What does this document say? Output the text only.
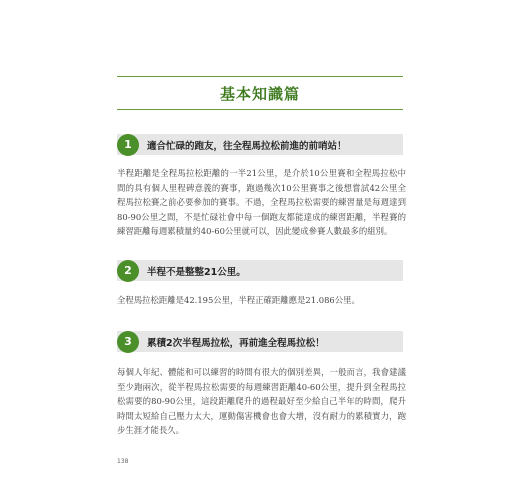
基本知識篇
1	適合忙碌的跑友，往全程馬拉松前進的前哨站！

半程距離是全程馬拉松距離的一半21公里，是介於10公里賽和全程馬拉松中間的具有個人里程碑意義的賽事，跑過幾次10公里賽事之後想嘗試42公里全程馬拉松賽之前必要參加的賽事。不過，全程馬拉松需要的練習量是每週達到80-90公里之間，不是忙碌社會中每一個跑友都能達成的練習距離，半程賽的練習距離每週累積量約40-60公里就可以，因此變成參賽人數最多的組別。

2	半程不是整整21公里。

全程馬拉松距離是42.195公里，半程正確距離應是21.086公里。

3	累積2次半程馬拉松，再前進全程馬拉松！

每個人年紀、體能和可以練習的時間有很大的個別差異，一般而言，我會建議至少跑兩次，從半程馬拉松需要的每週練習距離40-60公里，提升到全程馬拉松需要的80-90公里，這段距離爬升的過程最好至少給自己半年的時間，爬升時間太短給自己壓力太大，運動傷害機會也會大增，沒有耐力的累積實力，跑步生涯才能長久。

138
